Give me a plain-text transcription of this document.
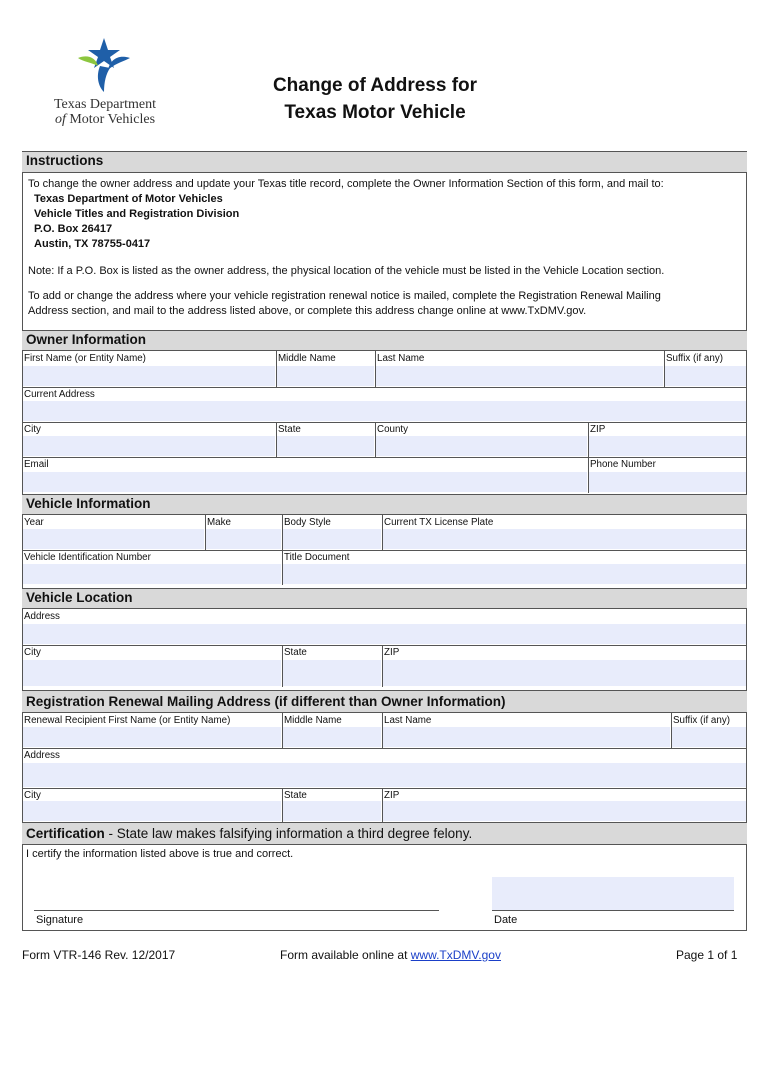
Texas Department
of Motor Vehicles
Change of Address for
Texas Motor Vehicle
Instructions
To change the owner address and update your Texas title record, complete the Owner Information Section of this form, and mail to:
Texas Department of Motor Vehicles
Vehicle Titles and Registration Division
P.O. Box 26417
Austin, TX 78755-0417
Note: If a P.O. Box is listed as the owner address, the physical location of the vehicle must be listed in the Vehicle Location section.
To add or change the address where your vehicle registration renewal notice is mailed, complete the Registration Renewal Mailing
Address section, and mail to the address listed above, or complete this address change online at www.TxDMV.gov.
Owner Information
First Name (or Entity Name)	Middle Name	Last Name	Suffix (if any)
Current Address
City	State	County	ZIP
Email	Phone Number
Vehicle Information
Year	Make	Body Style	Current TX License Plate
Vehicle Identification Number	Title Document
Vehicle Location
Address
City	State	ZIP
Registration Renewal Mailing Address (if different than Owner Information)
Renewal Recipient First Name (or Entity Name)	Middle Name	Last Name	Suffix (if any)
Address
City	State	ZIP
Certification - State law makes falsifying information a third degree felony.
I certify the information listed above is true and correct.
Signature	Date
Form VTR-146 Rev. 12/2017	Form available online at www.TxDMV.gov	Page 1 of 1
